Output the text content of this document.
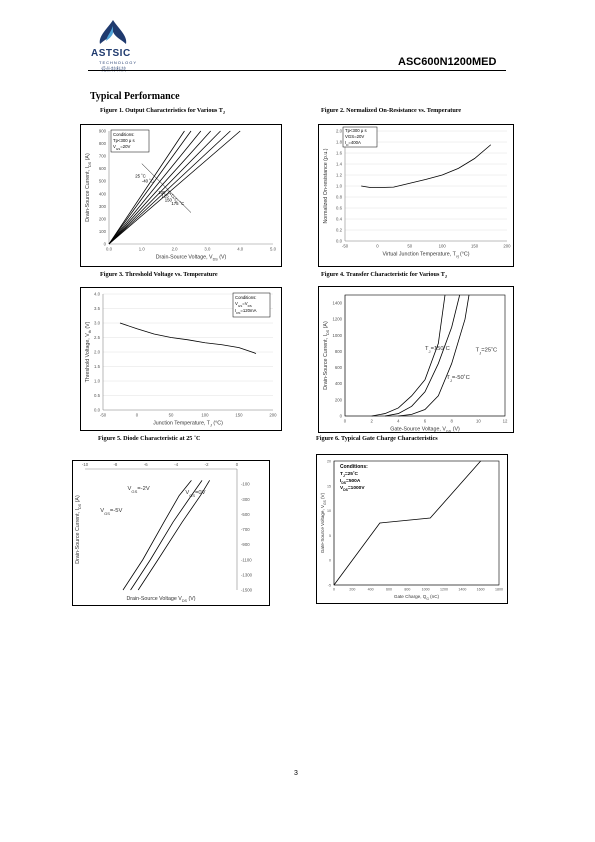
ASTSIC
TECHNOLOGY	ASC600N1200MED
Typical Performance
Figure 1. Output Characteristics for Various $T_J$	Figure 2. Normalized On-Resistance vs. Temperature
Figure 3. Threshold Voltage vs. Temperature	Figure 4. Transfer Characteristic for Various $T_J$
Figure 5. Diode Characteristic at 25 ˚C	Figure 6. Typical Gate Charge Characteristics
0.0	1.0	2.0	3.0	4.0	5.0
0
100
200
300
400
500
600
700
800
900
Drain-Source Voltage, $V_{DS}$ (V)
Drain-Source Current, $I_{DS}$ (A)
Conditions:
Tp<300 μ s
$V_{GS}=20V$
25 ˚C
-40 ˚C
100 ˚C
125 ˚C
150 ˚C
175 ˚C
-50	0	50	100	150	200
0.0
0.2
0.4
0.6
0.8
1.0
1.2
1.4
1.6
1.8
2.0
Virtual Junction Temperature, $T_{vj}$ (°C)
Normalized On-resistance (p.u.)
Tp<300 μ s
VGS=20V
$I_D=400A$
-50	0	50	100	150	200
0.0
0.5
1.0
1.5
2.0
2.5
3.0
3.5
4.0
Junction Temperature, $T_J$ (°C)
Threshold Voltage, $V_{th}$ (V)
Conditions:
$V_{GS}=V_{DS}$
$I_{DS}=120mA$
0	2	4	6	8	10	12
0
200
400
600
800
1000
1200
1400
Gate-Source Voltage, $V_{GS}$ (V)
Drain-Source Current, $I_{DS}$ (A)
$T_J=150˚C$	$T_J=25˚C$
$T_J=-50˚C$
-10	-8	-6	-4	-2	0
-100
-300
-500
-700
-900
-1100
-1300
-1500
Drain-Source Voltage $V_{DS}$ (V)
Drain-Source Current, $I_{DS}$ (A)
$V_{GS}=-2V$
$V_{GS}=0V$
$V_{GS}=-5V$
0	200	400	600	800	1000	1200	1400	1600	1800
-5
0
5
10
15
20
Gate Charge, $Q_G$ (nC)
Gate-Source Voltage, $V_{GS}$ (V)
Conditions:
$T_J=25˚C$
$I_{DS}=500A$
$V_{DS}=1000V$
3
